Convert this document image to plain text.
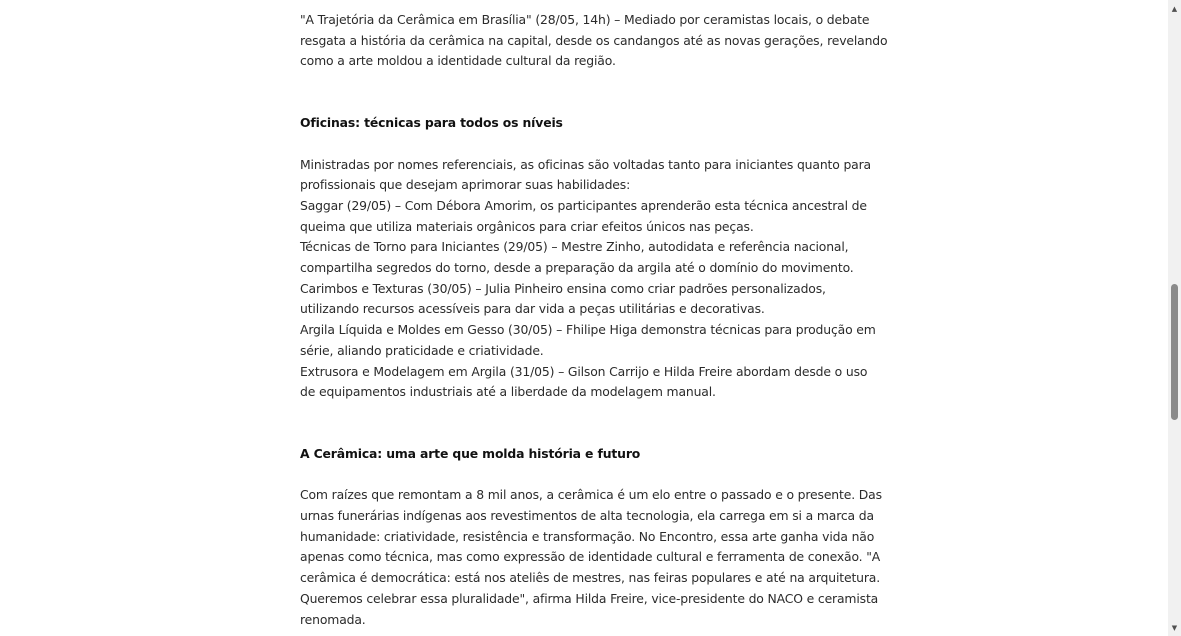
"A Trajetória da Cerâmica em Brasília" (28/05, 14h) – Mediado por ceramistas locais, o debate
resgata a história da cerâmica na capital, desde os candangos até as novas gerações, revelando
como a arte moldou a identidade cultural da região.

Oficinas: técnicas para todos os níveis

Ministradas por nomes referenciais, as oficinas são voltadas tanto para iniciantes quanto para
profissionais que desejam aprimorar suas habilidades:
Saggar (29/05) – Com Débora Amorim, os participantes aprenderão esta técnica ancestral de
queima que utiliza materiais orgânicos para criar efeitos únicos nas peças.
Técnicas de Torno para Iniciantes (29/05) – Mestre Zinho, autodidata e referência nacional,
compartilha segredos do torno, desde a preparação da argila até o domínio do movimento.
Carimbos e Texturas (30/05) – Julia Pinheiro ensina como criar padrões personalizados,
utilizando recursos acessíveis para dar vida a peças utilitárias e decorativas.
Argila Líquida e Moldes em Gesso (30/05) – Fhilipe Higa demonstra técnicas para produção em
série, aliando praticidade e criatividade.
Extrusora e Modelagem em Argila (31/05) – Gilson Carrijo e Hilda Freire abordam desde o uso
de equipamentos industriais até a liberdade da modelagem manual.

A Cerâmica: uma arte que molda história e futuro

Com raízes que remontam a 8 mil anos, a cerâmica é um elo entre o passado e o presente. Das
urnas funerárias indígenas aos revestimentos de alta tecnologia, ela carrega em si a marca da
humanidade: criatividade, resistência e transformação. No Encontro, essa arte ganha vida não
apenas como técnica, mas como expressão de identidade cultural e ferramenta de conexão. "A
cerâmica é democrática: está nos ateliês de mestres, nas feiras populares e até na arquitetura.
Queremos celebrar essa pluralidade", afirma Hilda Freire, vice-presidente do NACO e ceramista
renomada.

▲
▼
